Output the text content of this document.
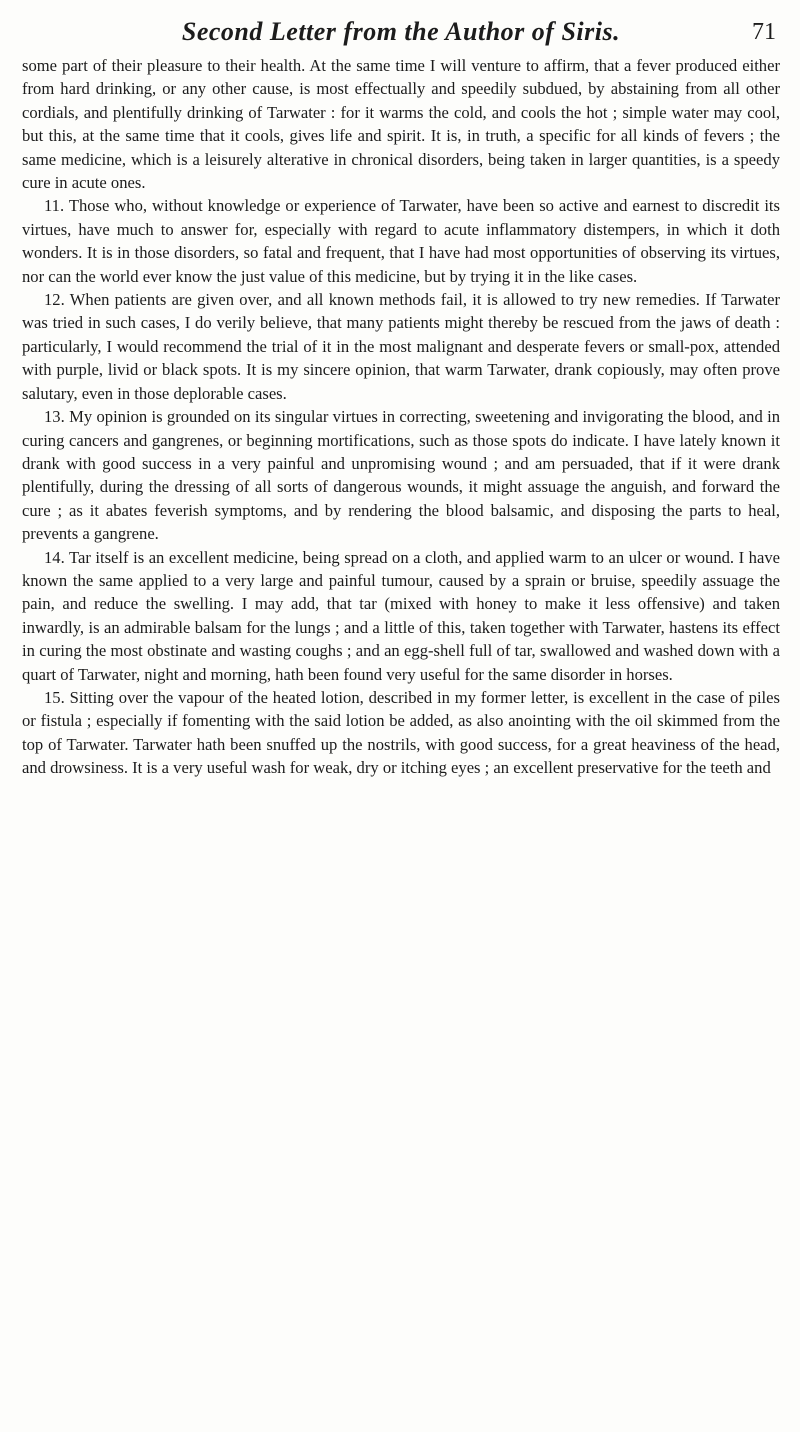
Second Letter from the Author of Siris.	71

some part of their pleasure to their health. At the same time I will venture to affirm, that a fever produced either from hard drinking, or any other cause, is most effectually and speedily subdued, by abstaining from all other cordials, and plentifully drinking of Tarwater : for it warms the cold, and cools the hot ; simple water may cool, but this, at the same time that it cools, gives life and spirit. It is, in truth, a specific for all kinds of fevers ; the same medicine, which is a leisurely alterative in chronical disorders, being taken in larger quantities, is a speedy cure in acute ones.

11. Those who, without knowledge or experience of Tarwater, have been so active and earnest to discredit its virtues, have much to answer for, especially with regard to acute inflammatory distempers, in which it doth wonders. It is in those disorders, so fatal and frequent, that I have had most opportunities of observing its virtues, nor can the world ever know the just value of this medicine, but by trying it in the like cases.

12. When patients are given over, and all known methods fail, it is allowed to try new remedies. If Tarwater was tried in such cases, I do verily believe, that many patients might thereby be rescued from the jaws of death : particularly, I would recommend the trial of it in the most malignant and desperate fevers or small-pox, attended with purple, livid or black spots. It is my sincere opinion, that warm Tarwater, drank copiously, may often prove salutary, even in those deplorable cases.

13. My opinion is grounded on its singular virtues in correcting, sweetening and invigorating the blood, and in curing cancers and gangrenes, or beginning mortifications, such as those spots do indicate. I have lately known it drank with good success in a very painful and unpromising wound ; and am persuaded, that if it were drank plentifully, during the dressing of all sorts of dangerous wounds, it might assuage the anguish, and forward the cure ; as it abates feverish symptoms, and by rendering the blood balsamic, and disposing the parts to heal, prevents a gangrene.

14. Tar itself is an excellent medicine, being spread on a cloth, and applied warm to an ulcer or wound. I have known the same applied to a very large and painful tumour, caused by a sprain or bruise, speedily assuage the pain, and reduce the swelling. I may add, that tar (mixed with honey to make it less offensive) and taken inwardly, is an admirable balsam for the lungs ; and a little of this, taken together with Tarwater, hastens its effect in curing the most obstinate and wasting coughs ; and an egg-shell full of tar, swallowed and washed down with a quart of Tarwater, night and morning, hath been found very useful for the same disorder in horses.

15. Sitting over the vapour of the heated lotion, described in my former letter, is excellent in the case of piles or fistula ; especially if fomenting with the said lotion be added, as also anointing with the oil skimmed from the top of Tarwater. Tarwater hath been snuffed up the nostrils, with good success, for a great heaviness of the head, and drowsiness. It is a very useful wash for weak, dry or itching eyes ; an excellent preservative for the teeth and
